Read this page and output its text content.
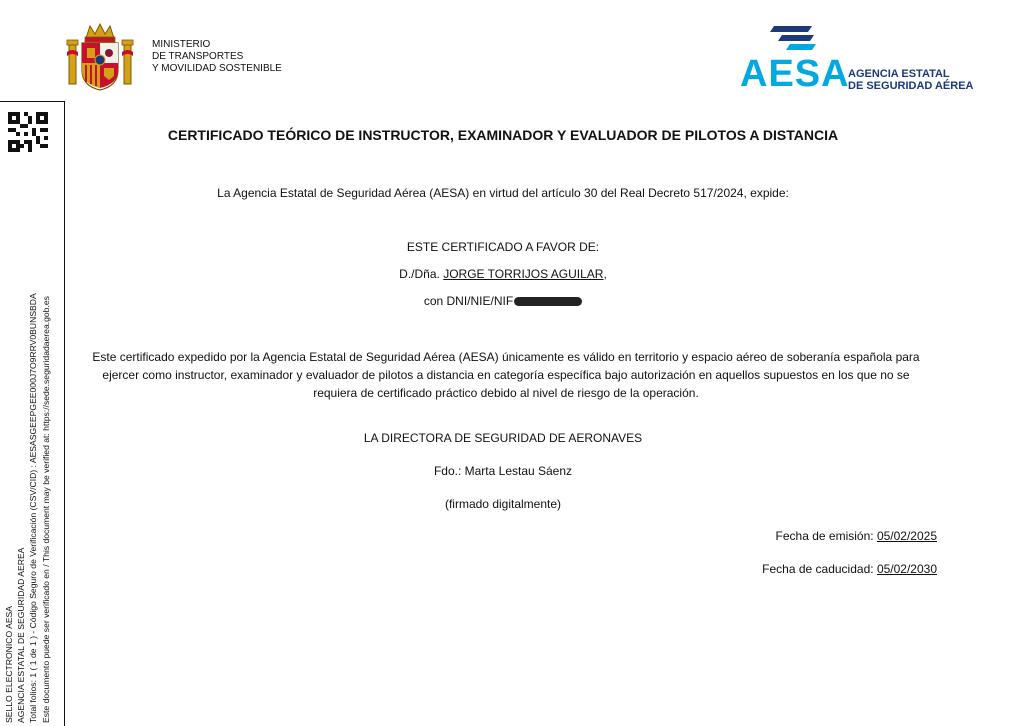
MINISTERIO
DE TRANSPORTES
Y MOVILIDAD SOSTENIBLE	AESA
AGENCIA ESTATAL
DE SEGURIDAD AÉREA
SELLO ELECTRONICO AESA AGENCIA ESTATAL DE SEGURIDAD AEREA Total folios: 1 ( 1 de 1 ) - Código Seguro de Verificación (CSV/CID) : AESASGEEPGEE000J7O9RRV0BUNSBDA Este documento puede ser verificado en / This document may be verified at: https://sede.seguridadaerea.gob.es
CERTIFICADO TEÓRICO DE INSTRUCTOR, EXAMINADOR Y EVALUADOR DE PILOTOS A DISTANCIA
La Agencia Estatal de Seguridad Aérea (AESA) en virtud del artículo 30 del Real Decreto 517/2024, expide:
ESTE CERTIFICADO A FAVOR DE:
D./Dña. JORGE TORRIJOS AGUILAR,
con DNI/NIE/NIF
Este certificado expedido por la Agencia Estatal de Seguridad Aérea (AESA) únicamente es válido en territorio y espacio aéreo de soberanía española para ejercer como instructor, examinador y evaluador de pilotos a distancia en categoría específica bajo autorización en aquellos supuestos en los que no se requiera de certificado práctico debido al nivel de riesgo de la operación.
LA DIRECTORA DE SEGURIDAD DE AERONAVES
Fdo.: Marta Lestau Sáenz
(firmado digitalmente)
Fecha de emisión: 05/02/2025
Fecha de caducidad: 05/02/2030
